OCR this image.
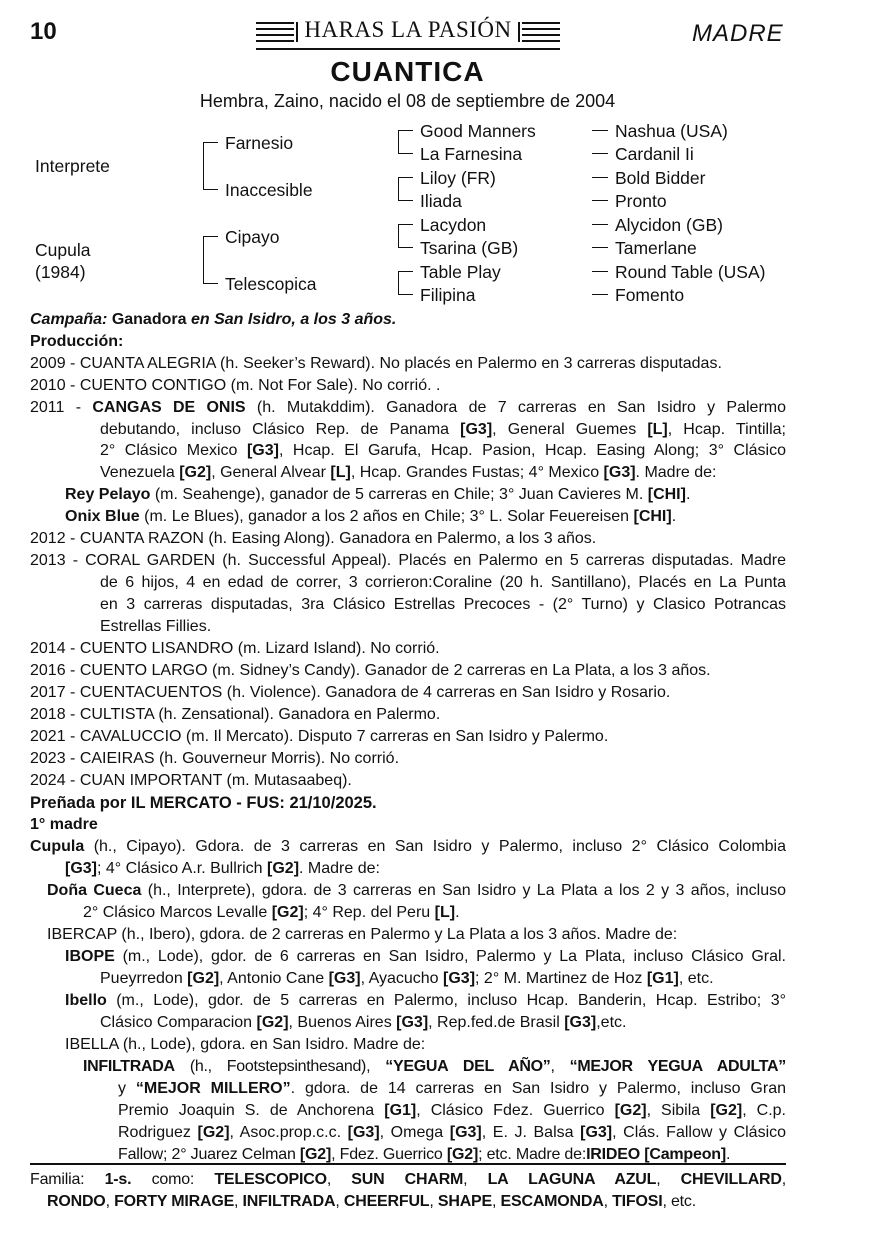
10	HARAS LA PASIÓN	MADRE
CUANTICA
Hembra, Zaino, nacido el 08 de septiembre de 2004
Interprete
Cupula
(1984)
Farnesio
Inaccesible
Cipayo
Telescopica
Good Manners
La Farnesina
Liloy (FR)
Iliada
Lacydon
Tsarina (GB)
Table Play
Filipina
Nashua (USA)
Cardanil Ii
Bold Bidder
Pronto
Alycidon (GB)
Tamerlane
Round Table (USA)
Fomento
Campaña: Ganadora en San Isidro, a los 3 años.
Producción:
2009 - CUANTA ALEGRIA (h. Seeker’s Reward). No placés en Palermo en 3 carreras disputadas.
2010 - CUENTO CONTIGO (m. Not For Sale). No corrió. .
2011 - CANGAS DE ONIS (h. Mutakddim). Ganadora de 7 carreras en San Isidro y Palermo
debutando, incluso Clásico Rep. de Panama [G3], General Guemes [L], Hcap. Tintilla;
2° Clásico Mexico [G3], Hcap. El Garufa, Hcap. Pasion, Hcap. Easing Along; 3° Clásico
Venezuela [G2], General Alvear [L], Hcap. Grandes Fustas; 4° Mexico [G3]. Madre de:
Rey Pelayo (m. Seahenge), ganador de 5 carreras en Chile; 3° Juan Cavieres M. [CHI].
Onix Blue (m. Le Blues), ganador a los 2 años en Chile; 3° L. Solar Feuereisen [CHI].
2012 - CUANTA RAZON (h. Easing Along). Ganadora en Palermo, a los 3 años.
2013 - CORAL GARDEN (h. Successful Appeal). Placés en Palermo en 5 carreras disputadas. Madre
de 6 hijos, 4 en edad de correr, 3 corrieron:Coraline (20 h. Santillano), Placés en La Punta
en 3 carreras disputadas, 3ra Clásico Estrellas Precoces - (2° Turno) y Clasico Potrancas
Estrellas Fillies.
2014 - CUENTO LISANDRO (m. Lizard Island). No corrió.
2016 - CUENTO LARGO (m. Sidney’s Candy). Ganador de 2 carreras en La Plata, a los 3 años.
2017 - CUENTACUENTOS (h. Violence). Ganadora de 4 carreras en San Isidro y Rosario.
2018 - CULTISTA (h. Zensational). Ganadora en Palermo.
2021 - CAVALUCCIO (m. Il Mercato). Disputo 7 carreras en San Isidro y Palermo.
2023 - CAIEIRAS (h. Gouverneur Morris). No corrió.
2024 - CUAN IMPORTANT (m. Mutasaabeq).
Preñada por IL MERCATO - FUS: 21/10/2025.
1° madre
Cupula (h., Cipayo). Gdora. de 3 carreras en San Isidro y Palermo, incluso 2° Clásico Colombia
[G3]; 4° Clásico A.r. Bullrich [G2]. Madre de:
Doña Cueca (h., Interprete), gdora. de 3 carreras en San Isidro y La Plata a los 2 y 3 años, incluso
2° Clásico Marcos Levalle [G2]; 4° Rep. del Peru [L].
IBERCAP (h., Ibero), gdora. de 2 carreras en Palermo y La Plata a los 3 años. Madre de:
IBOPE (m., Lode), gdor. de 6 carreras en San Isidro, Palermo y La Plata, incluso Clásico Gral.
Pueyrredon [G2], Antonio Cane [G3], Ayacucho [G3]; 2° M. Martinez de Hoz [G1], etc.
Ibello (m., Lode), gdor. de 5 carreras en Palermo, incluso Hcap. Banderin, Hcap. Estribo; 3°
Clásico Comparacion [G2], Buenos Aires [G3], Rep.fed.de Brasil [G3],etc.
IBELLA (h., Lode), gdora. en San Isidro. Madre de:
INFILTRADA (h., Footstepsinthesand), “YEGUA DEL AÑO”, “MEJOR YEGUA ADULTA”
y “MEJOR MILLERO”. gdora. de 14 carreras en San Isidro y Palermo, incluso Gran
Premio Joaquin S. de Anchorena [G1], Clásico Fdez. Guerrico [G2], Sibila [G2], C.p.
Rodriguez [G2], Asoc.prop.c.c. [G3], Omega [G3], E. J. Balsa [G3], Clás. Fallow y Clásico
Fallow; 2° Juarez Celman [G2], Fdez. Guerrico [G2]; etc. Madre de:IRIDEO [Campeon].
Familia: 1-s. como: TELESCOPICO, SUN CHARM, LA LAGUNA AZUL, CHEVILLARD,
RONDO, FORTY MIRAGE, INFILTRADA, CHEERFUL, SHAPE, ESCAMONDA, TIFOSI, etc.
